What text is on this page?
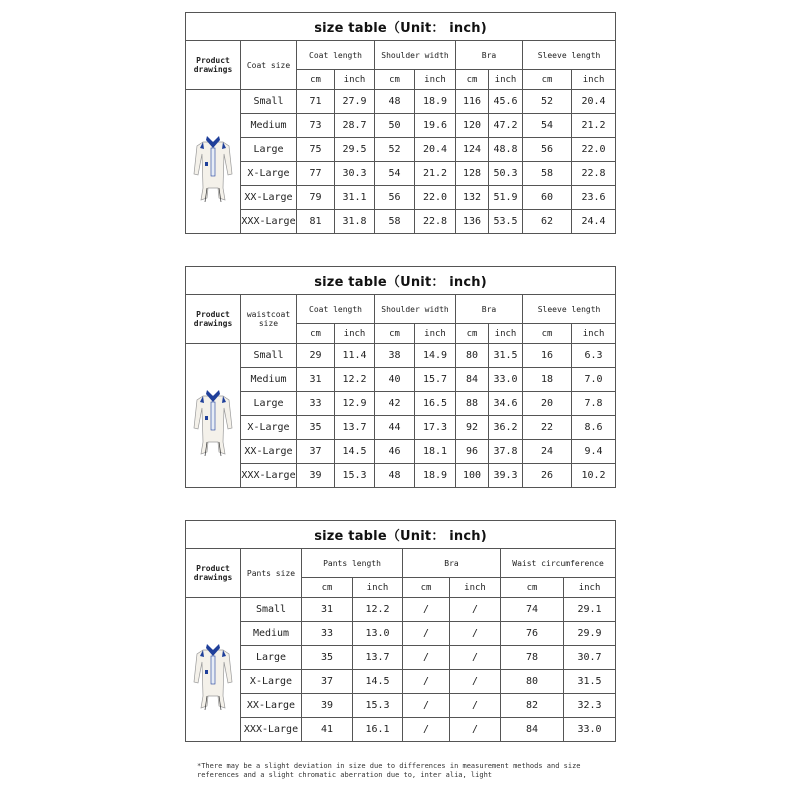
size table（Unit： inch)									
Product drawings	Coat size	Coat length		Shoulder width		Bra		Sleeve length	
		cm	inch	cm	inch	cm	inch	cm	inch

	Small	71	27.9	48	18.9	116	45.6	52	20.4
	Medium	73	28.7	50	19.6	120	47.2	54	21.2
	Large	75	29.5	52	20.4	124	48.8	56	22.0
	X-Large	77	30.3	54	21.2	128	50.3	58	22.8
	XX-Large	79	31.1	56	22.0	132	51.9	60	23.6
	XXX-Large	81	31.8	58	22.8	136	53.5	62	24.4
size table（Unit： inch)									
Product drawings	waistcoat size	Coat length		Shoulder width		Bra		Sleeve length	
		cm	inch	cm	inch	cm	inch	cm	inch

	Small	29	11.4	38	14.9	80	31.5	16	6.3
	Medium	31	12.2	40	15.7	84	33.0	18	7.0
	Large	33	12.9	42	16.5	88	34.6	20	7.8
	X-Large	35	13.7	44	17.3	92	36.2	22	8.6
	XX-Large	37	14.5	46	18.1	96	37.8	24	9.4
	XXX-Large	39	15.3	48	18.9	100	39.3	26	10.2
size table（Unit： inch)							
Product drawings	Pants size	Pants length		Bra		Waist circumference	
		cm	inch	cm	inch	cm	inch

	Small	31	12.2	/	/	74	29.1
	Medium	33	13.0	/	/	76	29.9
	Large	35	13.7	/	/	78	30.7
	X-Large	37	14.5	/	/	80	31.5
	XX-Large	39	15.3	/	/	82	32.3
	XXX-Large	41	16.1	/	/	84	33.0
*There may be a slight deviation in size due to differences in measurement methods and size references and a slight chromatic aberration due to, inter alia, light
